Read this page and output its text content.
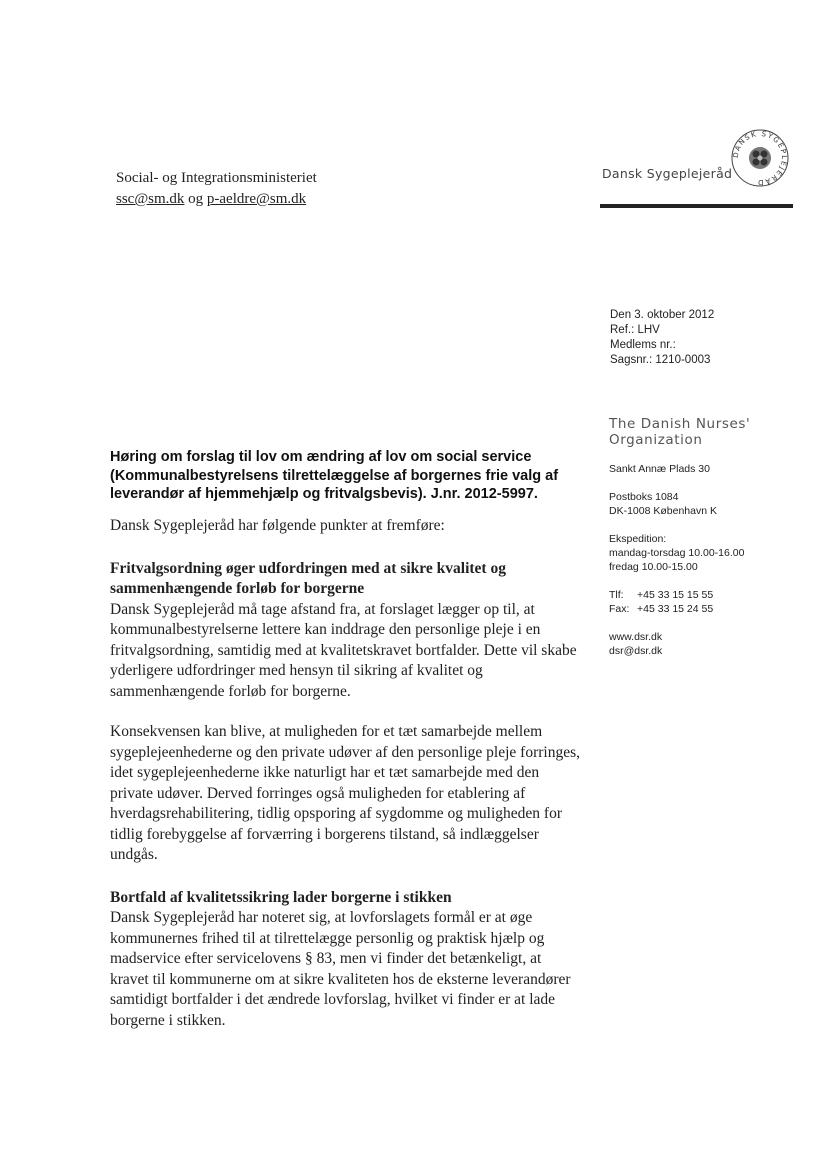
Social- og Integrationsministeriet
ssc@sm.dk og p-aeldre@sm.dk
Dansk Sygeplejeråd
DANSK SYGEPLEJERÅD
Den 3. oktober 2012
Ref.: LHV
Medlems nr.:
Sagsnr.: 1210-0003
The Danish Nurses'
Organization
Sankt Annæ Plads 30
Postboks 1084
DK-1008 København K
Ekspedition:
mandag-torsdag 10.00-16.00
fredag 10.00-15.00
Tlf:	+45 33 15 15 55
Fax: +45 33 15 24 55
www.dsr.dk
dsr@dsr.dk
Høring om forslag til lov om ændring af lov om social service (Kommunalbestyrelsens tilrettelæggelse af borgernes frie valg af leverandør af hjemmehjælp og fritvalgsbevis). J.nr. 2012-5997.

Dansk Sygeplejeråd har følgende punkter at fremføre:

Fritvalgsordning øger udfordringen med at sikre kvalitet og sammenhængende forløb for borgerne

Dansk Sygeplejeråd må tage afstand fra, at forslaget lægger op til, at kommunalbestyrelserne lettere kan inddrage den personlige pleje i en fritvalgsordning, samtidig med at kvalitetskravet bortfalder. Dette vil skabe yderligere udfordringer med hensyn til sikring af kvalitet og sammenhængende forløb for borgerne.

Konsekvensen kan blive, at muligheden for et tæt samarbejde mellem sygeplejeenhederne og den private udøver af den personlige pleje forringes, idet sygeplejeenhederne ikke naturligt har et tæt samarbejde med den private udøver. Derved forringes også muligheden for etablering af hverdagsrehabilitering, tidlig opsporing af sygdomme og muligheden for tidlig forebyggelse af forværring i borgerens tilstand, så indlæggelser undgås.

Bortfald af kvalitetssikring lader borgerne i stikken

Dansk Sygeplejeråd har noteret sig, at lovforslagets formål er at øge kommunernes frihed til at tilrettelægge personlig og praktisk hjælp og madservice efter servicelovens § 83, men vi finder det betænkeligt, at kravet til kommunerne om at sikre kvaliteten hos de eksterne leverandører samtidigt bortfalder i det ændrede lovforslag, hvilket vi finder er at lade borgerne i stikken.
